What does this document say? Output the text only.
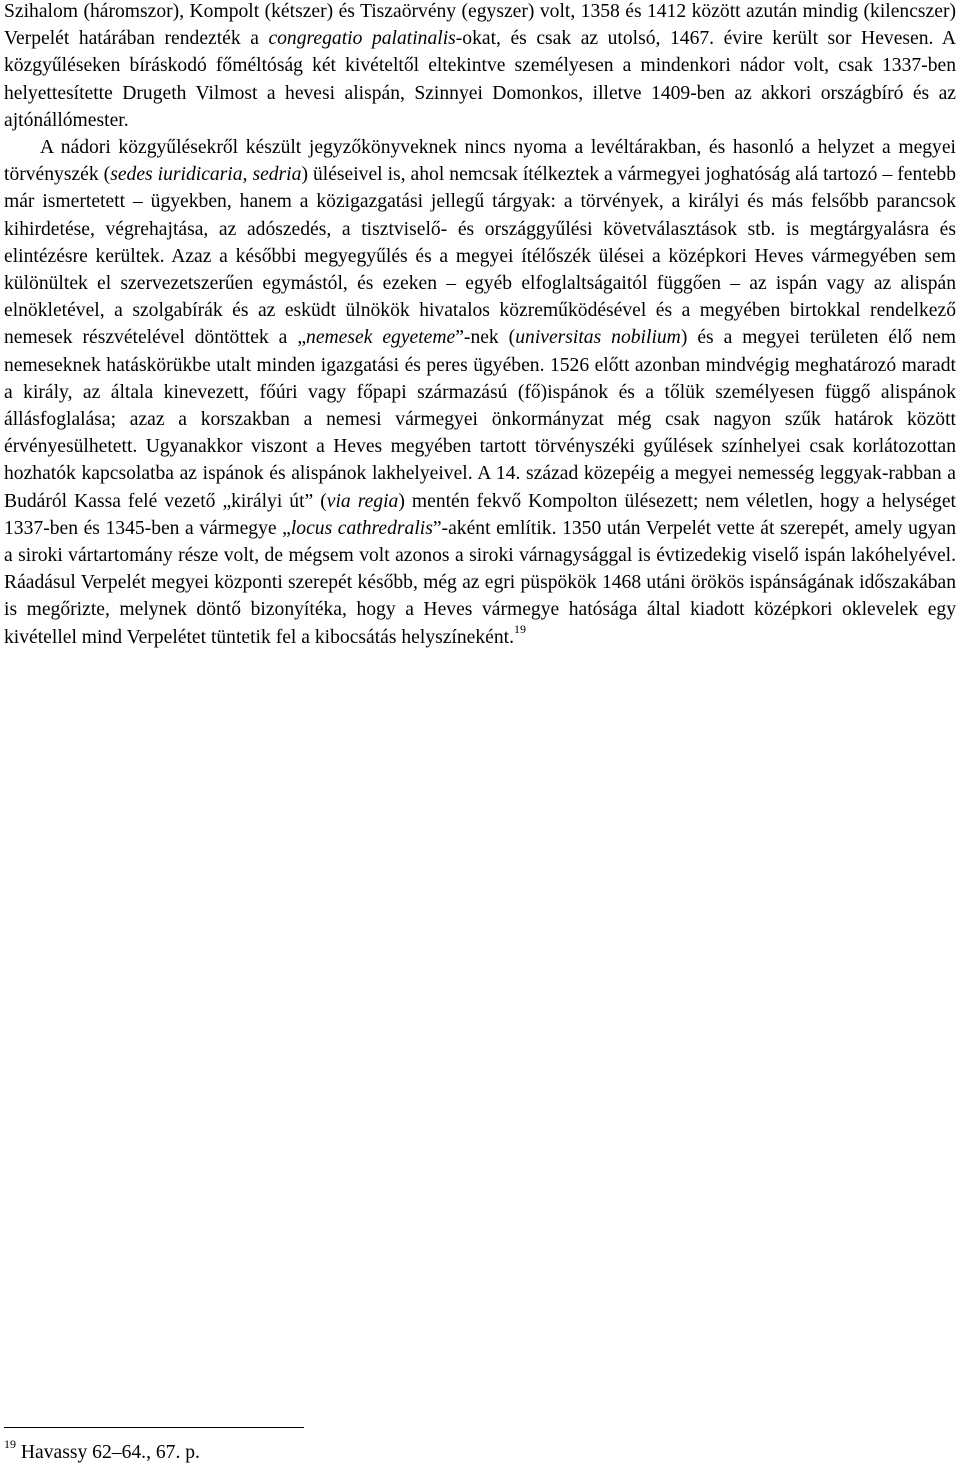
Szihalom (háromszor), Kompolt (kétszer) és Tiszaörvény (egyszer) volt, 1358 és 1412 között azután mindig (kilencszer) Verpelét határában rendezték a congregatio palatinalis-okat, és csak az utolsó, 1467. évire került sor Hevesen. A közgyűléseken bíráskodó főméltóság két kivételtől eltekintve személyesen a mindenkori nádor volt, csak 1337-ben helyettesítette Drugeth Vilmost a hevesi alispán, Szinnyei Domonkos, illetve 1409-ben az akkori országbíró és az ajtónállómester.

A nádori közgyűlésekről készült jegyzőkönyveknek nincs nyoma a levéltárakban, és hasonló a helyzet a megyei törvényszék (sedes iuridicaria, sedria) üléseivel is, ahol nemcsak ítélkeztek a vármegyei joghatóság alá tartozó – fentebb már ismertetett – ügyekben, hanem a közigazgatási jellegű tárgyak: a törvények, a királyi és más felsőbb parancsok kihirdetése, végrehajtása, az adószedés, a tisztviselő- és országgyűlési követválasztások stb. is megtárgyalásra és elintézésre kerültek. Azaz a későbbi megyegyűlés és a megyei ítélőszék ülései a középkori Heves vármegyében sem különültek el szervezetszerűen egymástól, és ezeken – egyéb elfoglaltságaitól függően – az ispán vagy az alispán elnökletével, a szolgabírák és az esküdt ülnökök hivatalos közreműködésével és a megyében birtokkal rendelkező nemesek részvételével döntöttek a „nemesek egyeteme”-nek (universitas nobilium) és a megyei területen élő nem nemeseknek hatáskörükbe utalt minden igazgatási és peres ügyében. 1526 előtt azonban mindvégig meghatározó maradt a király, az általa kinevezett, főúri vagy főpapi származású (fő)ispánok és a tőlük személyesen függő alispánok állásfoglalása; azaz a korszakban a nemesi vármegyei önkormányzat még csak nagyon szűk határok között érvényesülhetett. Ugyanakkor viszont a Heves megyében tartott törvényszéki gyűlések színhelyei csak korlátozottan hozhatók kapcsolatba az ispánok és alispánok lakhelyeivel. A 14. század közepéig a megyei nemesség leggyak-rabban a Budáról Kassa felé vezető „királyi út” (via regia) mentén fekvő Kompolton ülésezett; nem véletlen, hogy a helységet 1337-ben és 1345-ben a vármegye „locus cathredralis”-aként említik. 1350 után Verpelét vette át szerepét, amely ugyan a siroki vártartomány része volt, de mégsem volt azonos a siroki várnagysággal is évtizedekig viselő ispán lakóhelyével. Ráadásul Verpelét megyei központi szerepét később, még az egri püspökök 1468 utáni örökös ispánságának időszakában is megőrizte, melynek döntő bizonyítéka, hogy a Heves vármegye hatósága által kiadott középkori oklevelek egy kivétellel mind Verpelétet tüntetik fel a kibocsátás helyszíneként.$^{19}$

$^{19}$ Havassy 62–64., 67. p.
